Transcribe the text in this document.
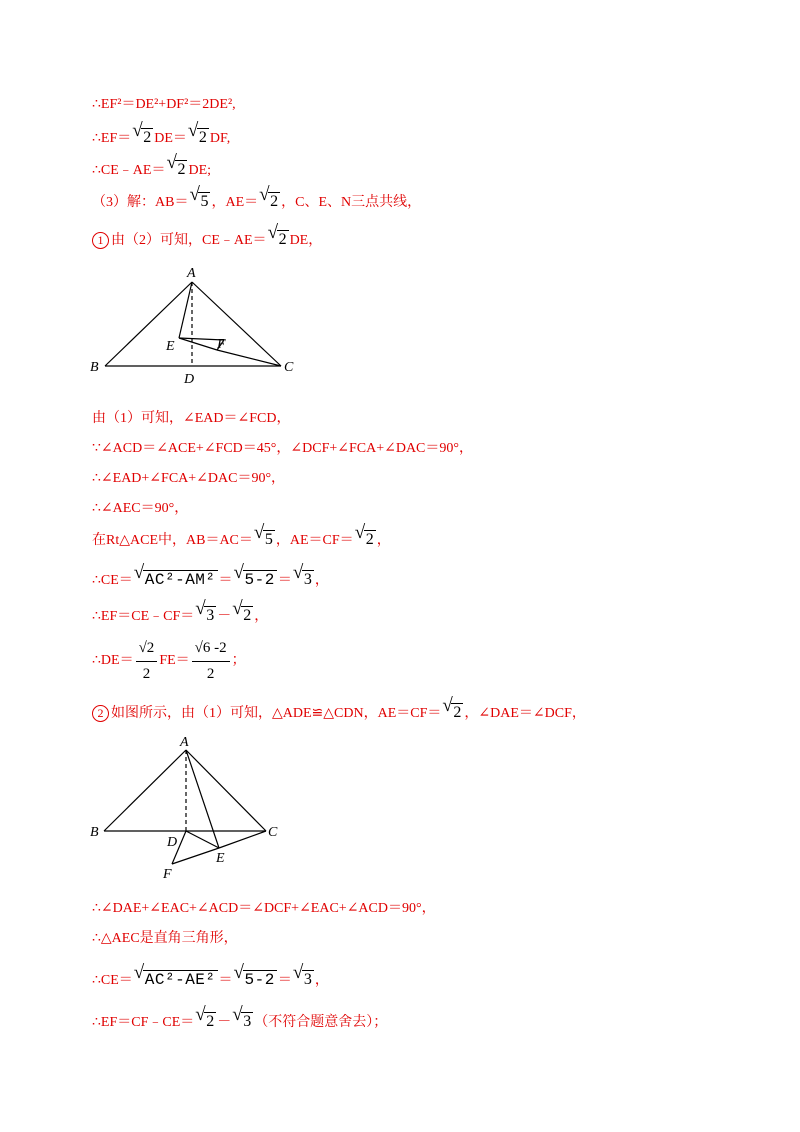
∴EF²＝DE²+DF²＝2DE²,
∴EF＝ √ 2 DE＝ √ 2 DF,
∴CE﹣AE＝ √ 2 DE;
（3）解：AB＝ √ 5 ，AE＝ √ 2 ，C、E、N三点共线，
1 由（2）可知，CE﹣AE＝ √ 2 DE，
A
B	C
D
E	F
由（1）可知，∠EAD＝∠FCD，
∵∠ACD＝∠ACE+∠FCD＝45°，∠DCF+∠FCA+∠DAC＝90°，
∴∠EAD+∠FCA+∠DAC＝90°，
∴∠AEC＝90°，
在Rt△ACE中，AB＝AC＝ √ 5 ，AE＝CF＝ √ 2 ，
∴CE＝ √ AC²-AM² ＝ √ 5-2 ＝ √ 3 ，
∴EF＝CE﹣CF＝ √ 3 － √ 2 ，
∴DE＝ $\frac{√2}{2} FE= \frac{√6 -2}{2}$ ；
2 如图所示，由（1）可知，△ADE≌△CDN，AE＝CF＝ √ 2 ，∠DAE＝∠DCF，
A
B	C
D
E
F
∴∠DAE+∠EAC+∠ACD＝∠DCF+∠EAC+∠ACD＝90°，
∴△AEC是直角三角形，
∴CE＝ √ AC²-AE² ＝ √ 5-2 ＝ √ 3 ，
∴EF＝CF﹣CE＝ √ 2 － √ 3 （不符合题意舍去）；
